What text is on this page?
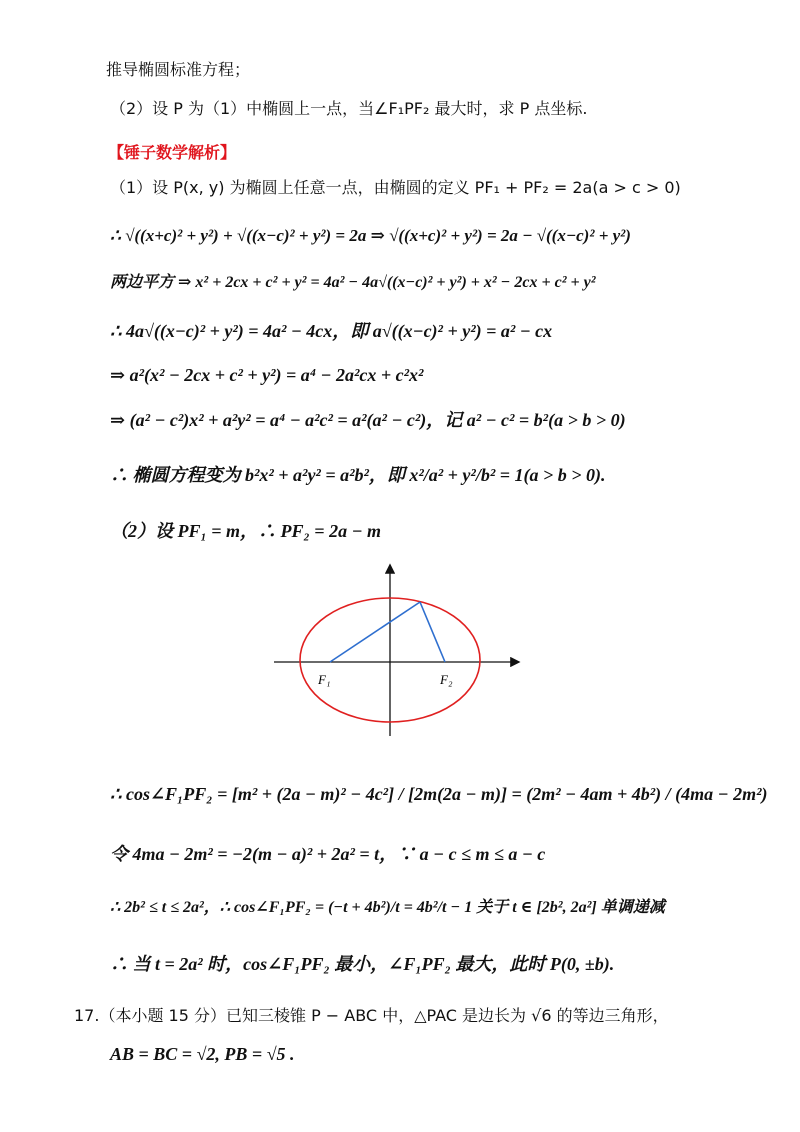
推导椭圆标准方程；
（2）设 P 为（1）中椭圆上一点，当∠F₁PF₂ 最大时，求 P 点坐标.
【锤子数学解析】
（1）设 P(x, y) 为椭圆上任意一点，由椭圆的定义 PF₁ + PF₂ = 2a(a > c > 0)
∴ √((x+c)² + y²) + √((x−c)² + y²) = 2a ⇒ √((x+c)² + y²) = 2a − √((x−c)² + y²)
两边平方 ⇒ x² + 2cx + c² + y² = 4a² − 4a√((x−c)² + y²) + x² − 2cx + c² + y²
∴ 4a√((x−c)² + y²) = 4a² − 4cx，即 a√((x−c)² + y²) = a² − cx
⇒ a²(x² − 2cx + c² + y²) = a⁴ − 2a²cx + c²x²
⇒ (a² − c²)x² + a²y² = a⁴ − a²c² = a²(a² − c²)，记 a² − c² = b²(a > b > 0)
∴ 椭圆方程变为 b²x² + a²y² = a²b²，即 x²/a² + y²/b² = 1(a > b > 0).
（2）设 PF₁ = m，∴ PF₂ = 2a − m
F₁	F₂
∴ cos∠F₁PF₂ = [m² + (2a − m)² − 4c²] / [2m(2a − m)] = (2m² − 4am + 4b²) / (4ma − 2m²)
令 4ma − 2m² = −2(m − a)² + 2a² = t，∵ a − c ≤ m ≤ a − c
∴ 2b² ≤ t ≤ 2a²，∴ cos∠F₁PF₂ = (−t + 4b²)/t = 4b²/t − 1 关于 t ∈ [2b², 2a²] 单调递减
∴ 当 t = 2a² 时，cos∠F₁PF₂ 最小，∠F₁PF₂ 最大，此时 P(0, ±b).
17.（本小题 15 分）已知三棱锥 P − ABC 中，△PAC 是边长为 √6 的等边三角形，
AB = BC = √2, PB = √5 .
